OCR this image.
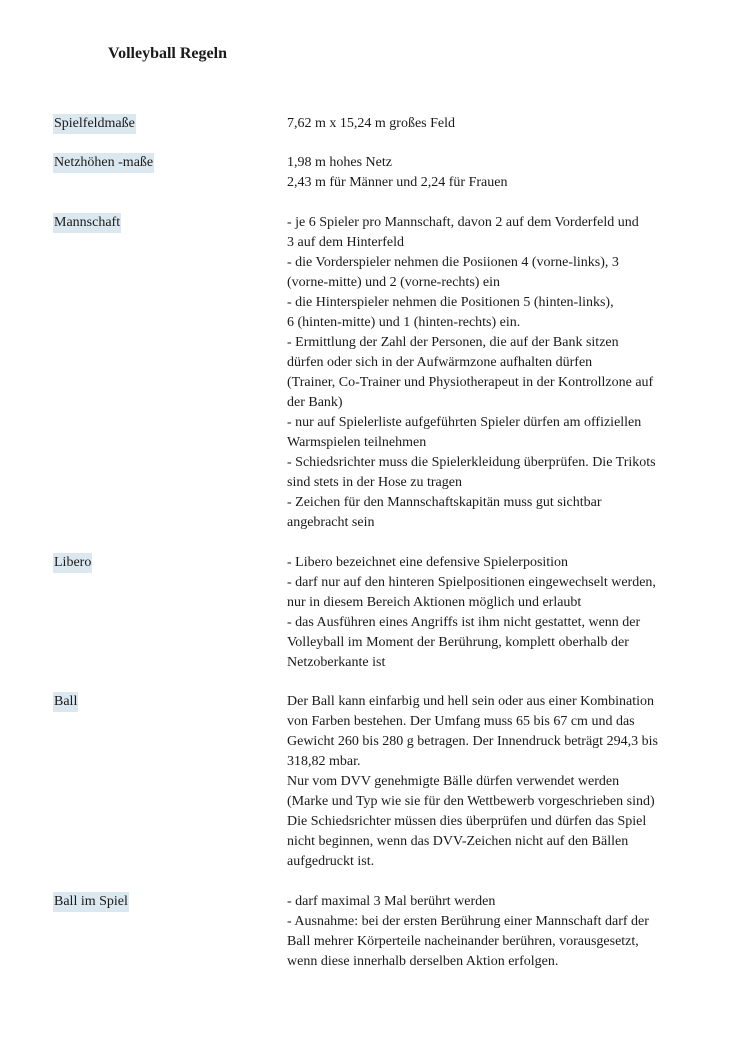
Volleyball Regeln
Spielfeldmaße	7,62 m x 15,24 m großes Feld
Netzhöhen -maße	1,98 m hohes Netz
2,43 m für Männer und 2,24 für Frauen
Mannschaft	- je 6 Spieler pro Mannschaft, davon 2 auf dem Vorderfeld und
3 auf dem Hinterfeld
- die Vorderspieler nehmen die Posiionen 4 (vorne-links), 3
(vorne-mitte) und 2 (vorne-rechts) ein
- die Hinterspieler nehmen die Positionen 5 (hinten-links),
6 (hinten-mitte) und 1 (hinten-rechts) ein.
- Ermittlung der Zahl der Personen, die auf der Bank sitzen
dürfen oder sich in der Aufwärmzone aufhalten dürfen
(Trainer, Co-Trainer und Physiotherapeut in der Kontrollzone auf
der Bank)
- nur auf Spielerliste aufgeführten Spieler dürfen am offiziellen
Warmspielen teilnehmen
- Schiedsrichter muss die Spielerkleidung überprüfen. Die Trikots
sind stets in der Hose zu tragen
- Zeichen für den Mannschaftskapitän muss gut sichtbar
angebracht sein
Libero	- Libero bezeichnet eine defensive Spielerposition
- darf nur auf den hinteren Spielpositionen eingewechselt werden,
nur in diesem Bereich Aktionen möglich und erlaubt
- das Ausführen eines Angriffs ist ihm nicht gestattet, wenn der
Volleyball im Moment der Berührung, komplett oberhalb der
Netzoberkante ist
Ball	Der Ball kann einfarbig und hell sein oder aus einer Kombination
von Farben bestehen. Der Umfang muss 65 bis 67 cm und das
Gewicht 260 bis 280 g betragen. Der Innendruck beträgt 294,3 bis
318,82 mbar.
Nur vom DVV genehmigte Bälle dürfen verwendet werden
(Marke und Typ wie sie für den Wettbewerb vorgeschrieben sind)
Die Schiedsrichter müssen dies überprüfen und dürfen das Spiel
nicht beginnen, wenn das DVV-Zeichen nicht auf den Bällen
aufgedruckt ist.
Ball im Spiel	- darf maximal 3 Mal berührt werden
- Ausnahme: bei der ersten Berührung einer Mannschaft darf der
Ball mehrer Körperteile nacheinander berühren, vorausgesetzt,
wenn diese innerhalb derselben Aktion erfolgen.
